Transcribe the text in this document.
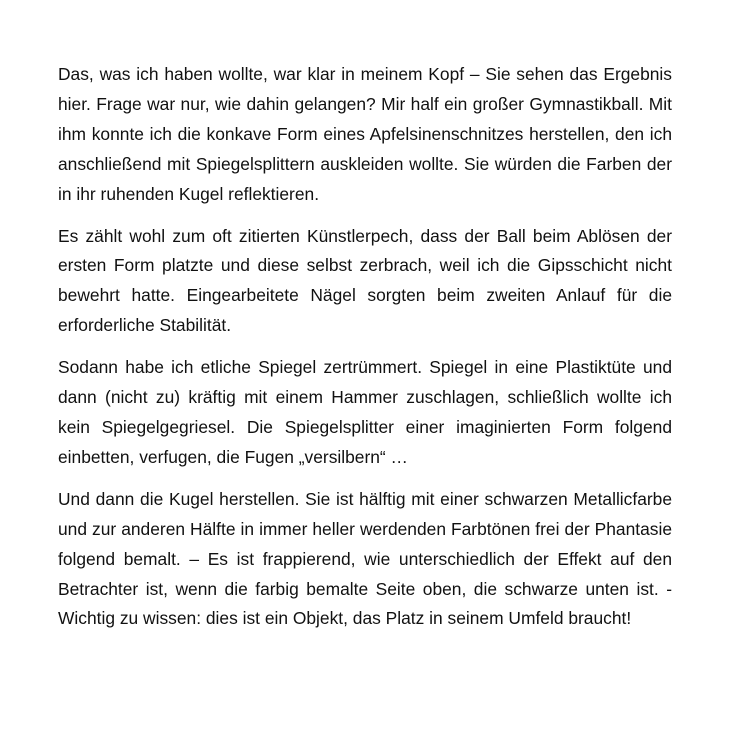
Das, was ich haben wollte, war klar in meinem Kopf – Sie sehen das Ergebnis hier. Frage war nur, wie dahin gelangen? Mir half ein großer Gymnastikball. Mit ihm konnte ich die konkave Form eines Apfelsinenschnitzes herstellen, den ich anschließend mit Spiegelsplittern auskleiden wollte. Sie würden die Farben der in ihr ruhenden Kugel reflektieren.

Es zählt wohl zum oft zitierten Künstlerpech, dass der Ball beim Ablösen der ersten Form platzte und diese selbst zerbrach, weil ich die Gipsschicht nicht bewehrt hatte. Eingearbeitete Nägel sorgten beim zweiten Anlauf für die erforderliche Stabilität.

Sodann habe ich etliche Spiegel zertrümmert. Spiegel in eine Plastiktüte und dann (nicht zu) kräftig mit einem Hammer zuschlagen, schließlich wollte ich kein Spiegelgegriesel. Die Spiegelsplitter einer imaginierten Form folgend einbetten, verfugen, die Fugen „versilbern“ …

Und dann die Kugel herstellen. Sie ist hälftig mit einer schwarzen Metallicfarbe und zur anderen Hälfte in immer heller werdenden Farbtönen frei der Phantasie folgend bemalt. – Es ist frappierend, wie unterschiedlich der Effekt auf den Betrachter ist, wenn die farbig bemalte Seite oben, die schwarze unten ist. -Wichtig zu wissen: dies ist ein Objekt, das Platz in seinem Umfeld braucht!
